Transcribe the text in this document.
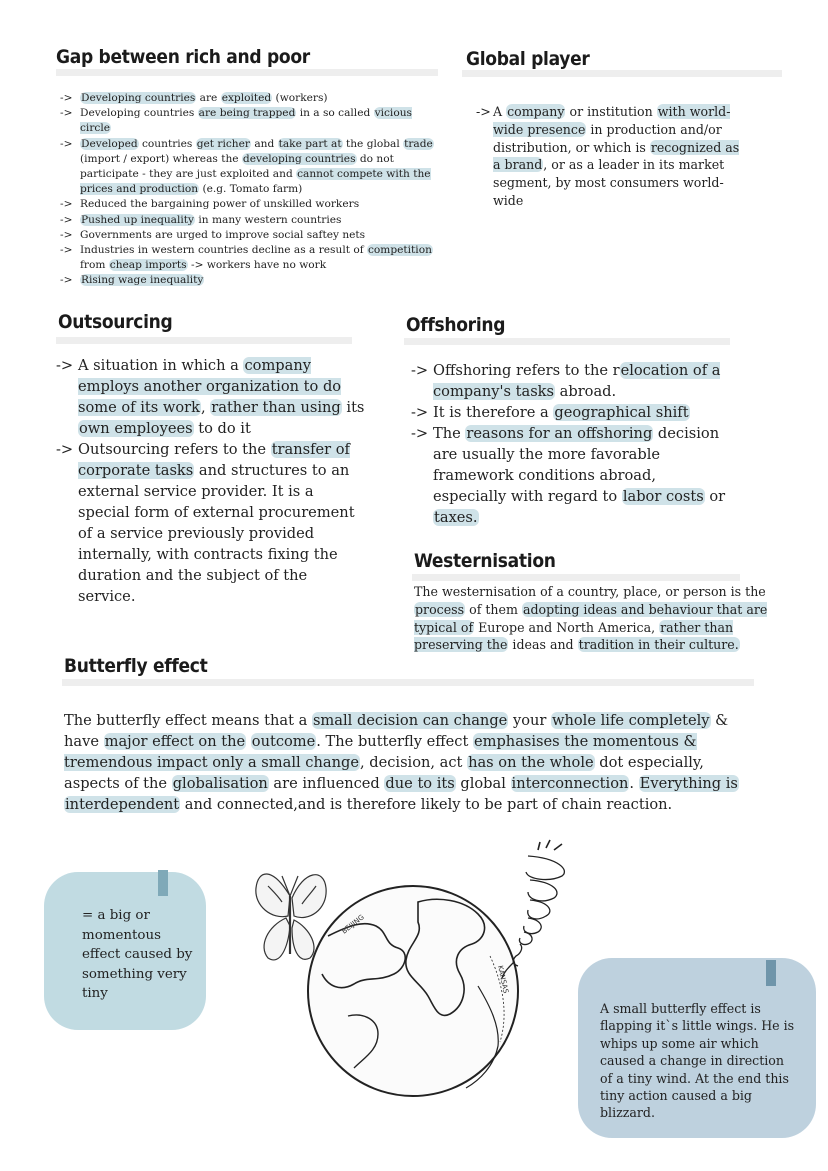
Gap between rich and poor
-> Developing countries are exploited (workers)
-> Developing countries are being trapped in a so called vicious circle
-> Developed countries get richer and take part at the global trade (import / export) whereas the developing countries do not participate - they are just exploited and cannot compete with the prices and production (e.g. Tomato farm)
-> Reduced the bargaining power of unskilled workers
-> Pushed up inequality in many western countries
-> Governments are urged to improve social saftey nets
-> Industries in western countries decline as a result of competition from cheap imports -> workers have no work
-> Rising wage inequality
Global player
-> A company or institution with world-wide presence in production and/or distribution, or which is recognized as a brand, or as a leader in its market segment, by most consumers world-wide
Outsourcing
-> A situation in which a company employs another organization to do some of its work, rather than using its own employees to do it
-> Outsourcing refers to the transfer of corporate tasks and structures to an external service provider. It is a special form of external procurement of a service previously provided internally, with contracts fixing the duration and the subject of the service.
Offshoring
-> Offshoring refers to the relocation of a company's tasks abroad.
-> It is therefore a geographical shift
-> The reasons for an offshoring decision are usually the more favorable framework conditions abroad, especially with regard to labor costs or taxes.
Westernisation
The westernisation of a country, place, or person is the process of them adopting ideas and behaviour that are typical of Europe and North America, rather than preserving the ideas and tradition in their culture.
Butterfly effect
The butterfly effect means that a small decision can change your whole life completely & have major effect on the outcome. The butterfly effect emphasises the momentous & tremendous impact only a small change, decision, act has on the whole dot especially, aspects of the globalisation are influenced due to its global interconnection. Everything is interdependent and connected,and is therefore likely to be part of chain reaction.
= a big or momentous effect caused by something very tiny
A small butterfly effect is flapping it`s little wings. He is whips up some air which caused a change in direction of a tiny wind. At the end this tiny action caused a big blizzard.
BEIJING
KANSAS
